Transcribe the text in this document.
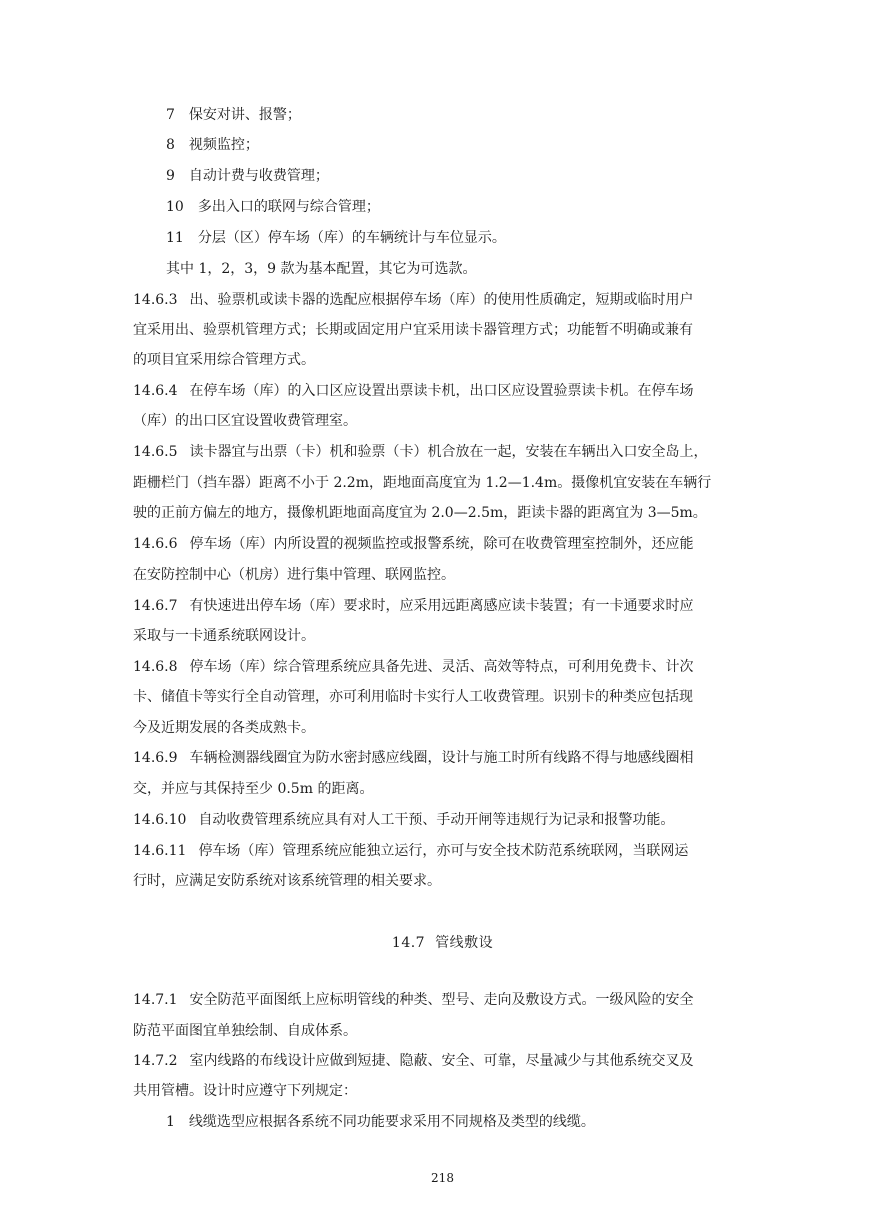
7 保安对讲、报警；
8 视频监控；
9 自动计费与收费管理；
10 多出入口的联网与综合管理；
11 分层（区）停车场（库）的车辆统计与车位显示。
其中 1，2，3，9 款为基本配置，其它为可选款。
14.6.3 出、验票机或读卡器的选配应根据停车场（库）的使用性质确定，短期或临时用户
宜采用出、验票机管理方式；长期或固定用户宜采用读卡器管理方式；功能暂不明确或兼有
的项目宜采用综合管理方式。
14.6.4 在停车场（库）的入口区应设置出票读卡机，出口区应设置验票读卡机。在停车场
（库）的出口区宜设置收费管理室。
14.6.5 读卡器宜与出票（卡）机和验票（卡）机合放在一起，安装在车辆出入口安全岛上，
距栅栏门（挡车器）距离不小于 2.2m，距地面高度宜为 1.2—1.4m。摄像机宜安装在车辆行
驶的正前方偏左的地方，摄像机距地面高度宜为 2.0—2.5m，距读卡器的距离宜为 3—5m。
14.6.6 停车场（库）内所设置的视频监控或报警系统，除可在收费管理室控制外，还应能
在安防控制中心（机房）进行集中管理、联网监控。
14.6.7 有快速进出停车场（库）要求时，应采用远距离感应读卡装置；有一卡通要求时应
采取与一卡通系统联网设计。
14.6.8 停车场（库）综合管理系统应具备先进、灵活、高效等特点，可利用免费卡、计次
卡、储值卡等实行全自动管理，亦可利用临时卡实行人工收费管理。识别卡的种类应包括现
今及近期发展的各类成熟卡。
14.6.9 车辆检测器线圈宜为防水密封感应线圈，设计与施工时所有线路不得与地感线圈相
交，并应与其保持至少 0.5m 的距离。
14.6.10 自动收费管理系统应具有对人工干预、手动开闸等违规行为记录和报警功能。
14.6.11 停车场（库）管理系统应能独立运行，亦可与安全技术防范系统联网，当联网运
行时，应满足安防系统对该系统管理的相关要求。
14.7 管线敷设
14.7.1 安全防范平面图纸上应标明管线的种类、型号、走向及敷设方式。一级风险的安全
防范平面图宜单独绘制、自成体系。
14.7.2 室内线路的布线设计应做到短捷、隐蔽、安全、可靠，尽量减少与其他系统交叉及
共用管槽。设计时应遵守下列规定：
1 线缆选型应根据各系统不同功能要求采用不同规格及类型的线缆。
218
